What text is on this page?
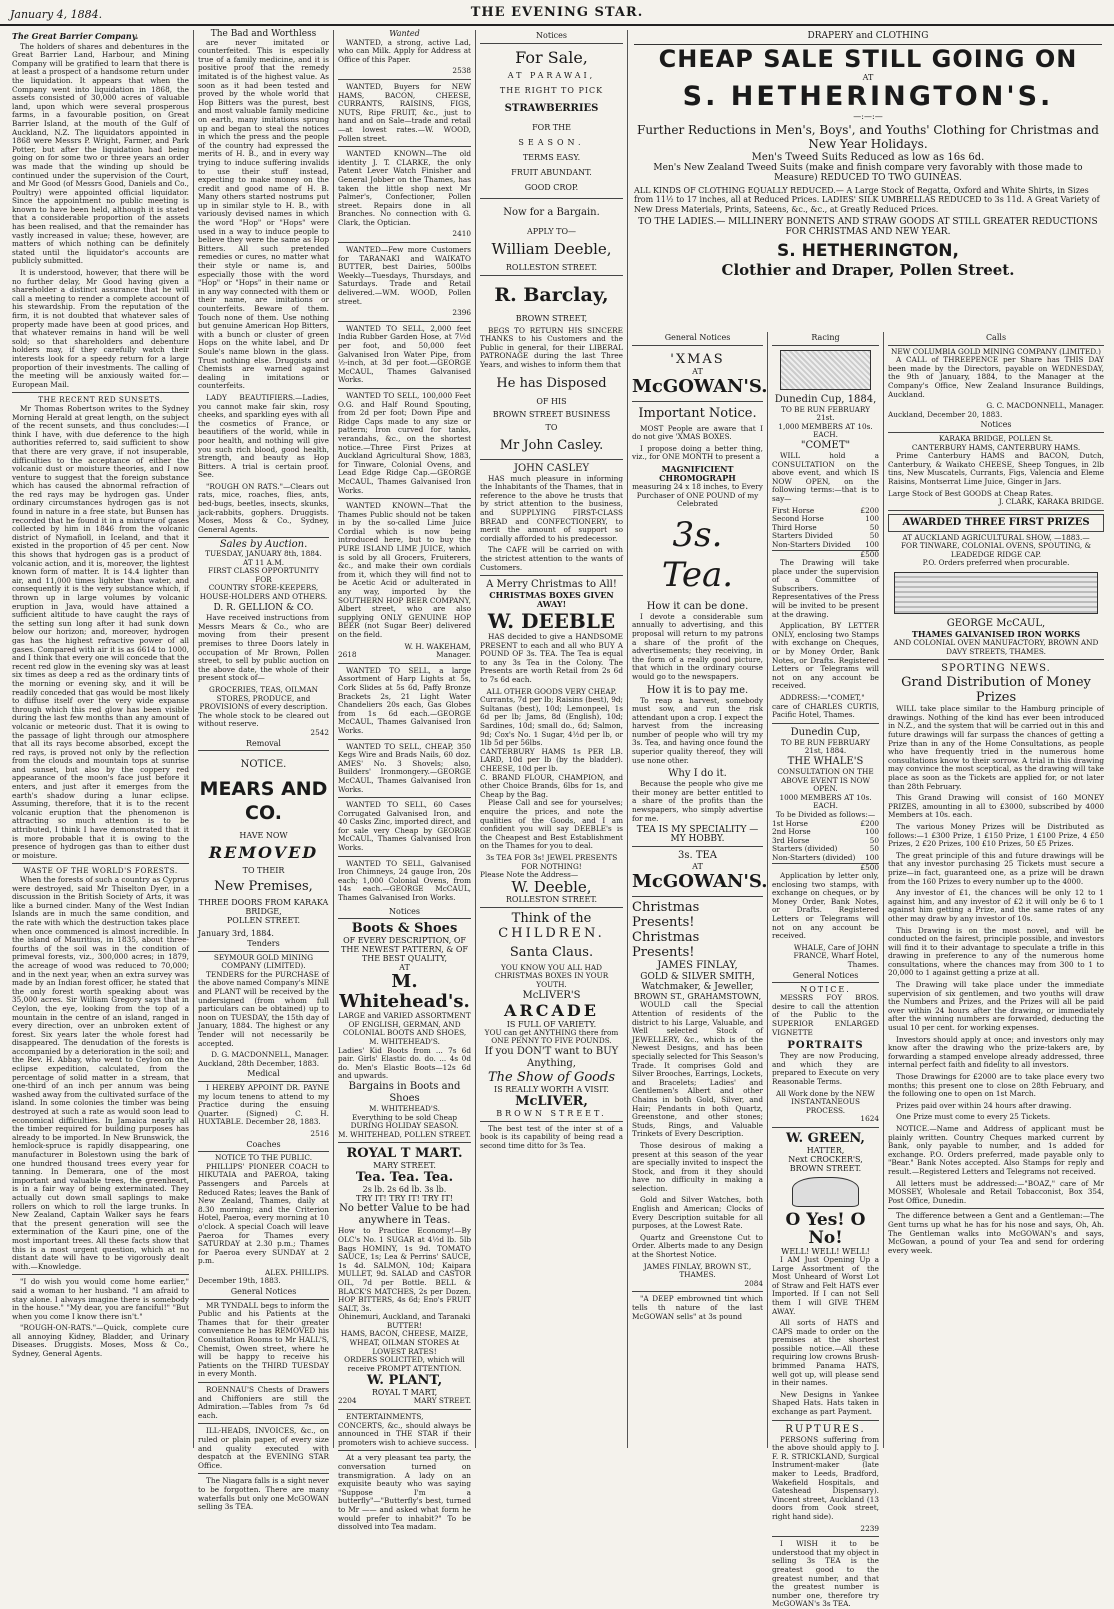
January 4, 1884.	THE EVENING STAR.
The Great Barrier Company.
The holders of shares and debentures in the Great Barrier Land, Harbour, and Mining Company will be gratified to learn that there is at least a prospect of a handsome return under the liquidation. It appears that when the Company went into liquidation in 1868, the assets consisted of 30,000 acres of valuable land, upon which were several prosperous farms, in a favourable position, on Great Barrier Island, at the mouth of the Gulf of Auckland, N.Z. The liquidators appointed in 1868 were Messrs P. Wright, Farmer, and Park Potter, but after the liquidation had being going on for some two or three years an order was made that the winding up should be continued under the supervision of the Court, and Mr Good (of Messrs Good, Daniels and Co., Poultry) were appointed official liquidator. Since the appointment no public meeting is known to have been held, although it is stated that a considerable proportion of the assets has been realised, and that the remainder has vastly increased in value; these, however, are matters of which nothing can be definitely stated until the liquidator's accounts are publicly submitted.
It is understood, however, that there will be no further delay, Mr Good having given a shareholder a distinct assurance that he will call a meeting to render a complete account of his stewardship. From the reputation of the firm, it is not doubted that whatever sales of property made have been at good prices, and that whatever remains in hand will be well sold; so that shareholders and debenture holders may, if they carefully watch their interests look for a speedy return for a large proportion of their investments. The calling of the meeting will be anxiously waited for.—European Mail.
THE RECENT RED SUNSETS.
Mr Thomas Robertson writes to the Sydney Morning Herald at great length, on the subject of the recent sunsets, and thus concludes:—I think I have, with due deference to the high authorities referred to, said sufficient to show that there are very grave, if not insuperable, difficulties to the acceptance of either the volcanic dust or moisture theories, and I now venture to suggest that the foreign substance which has caused the abnormal refraction of the red rays may be hydrogen gas. Under ordinary circumstances hydrogen gas is not found in nature in a free state, but Bunsen has recorded that he found it in a mixture of gases collected by him in 1846 from the volcanic district of Nymafioll, in Iceland, and that it existed in the proportion of 45 per cent. Now this shows that hydrogen gas is a product of volcanic action, and it is, moreover, the lightest known form of matter. It is 14.4 lighter than air, and 11,000 times lighter than water, and consequently it is the very substance which, if thrown up in large volumes by volcanic eruption in Java, would have attained a sufficient altitude to have caught the rays of the setting sun long after it had sunk down below our horizon; and, moreover, hydrogen gas has the highest refractive power of all gases. Compared with air it is as 6614 to 1000, and I think that every one will concede that the recent red glow in the evening sky was at least six times as deep a red as the ordinary tints of the morning or evening sky, and it will be readily conceded that gas would be most likely to diffuse itself over the very wide expanse through which this red glow has been visible during the last few months than any amount of volcanic or meteoric dust. That it is owing to the passage of light through our atmosphere that all its rays become absorbed, except the red rays, is proved not only by the reflection from the clouds and mountain tops at sunrise and sunset, but also by the coppery red appearance of the moon's face just before it enters, and just after it emerges from the earth's shadow during a lunar eclipse. Assuming, therefore, that it is to the recent volcanic eruption that the phenomenon is attracting so much attention is to be attributed, I think I have demonstrated that it is more probable that it is owing to the presence of hydrogen gas than to either dust or moisture.
WASTE OF THE WORLD'S FORESTS.
When the forests of such a country as Cyprus were destroyed, said Mr Thiselton Dyer, in a discussion in the British Society of Arts, it was like a burned cinder. Many of the West Indian Islands are in much the same condition, and the rate with which the destruction takes place when once commenced is almost incredible. In the island of Mauritius, in 1835, about three-fourths of the soil was in the condition of primeval forests, viz., 300,000 acres; in 1879, the acreage of wood was reduced to 70,000; and in the next year, when an extra survey was made by an Indian forest officer, he stated that the only forest worth speaking about was 35,000 acres. Sir William Gregory says that in Ceylon, the eye, looking from the top of a mountain in the centre of an island, ranged in every direction, over an unbroken extent of forest. Six years later the whole forest had disappeared. The denudation of the forests is accompanied by a deterioration in the soil; and the Rev. H. Abbay, who went to Ceylon on the eclipse expedition, calculated, from the percentage of solid matter in a stream, that one-third of an inch per annum was being washed away from the cultivated surface of the island. In some colonies the timber was being destroyed at such a rate as would soon lead to economical difficulties. In Jamaica nearly all the timber required for building purposes has already to be imported. In New Brunswick, the hemlock-spruce is rapidly disappearing, one manufacturer in Bolestown using the bark of one hundred thousand trees every year for tanning. In Demerara, one of the most important and valuable trees, the greenheart, is in a fair way of being exterminated. They actually cut down small saplings to make rollers on which to roll the large trunks. In New Zealand, Captain Walker says he fears that the present generation will see the extermination of the Kauri pine, one of the most important trees. All these facts show that this is a most urgent question, which at no distant date will have to be vigorously dealt with.—Knowledge.
"I do wish you would come home earlier," said a woman to her husband. "I am afraid to stay alone. I always imagine there is somebody in the house." "My dear, you are fanciful!" "But when you come I know there isn't."
"ROUGH-ON-RATS."—Quick, complete cure all annoying Kidney, Bladder, and Urinary Diseases. Druggists. Moses, Moss & Co., Sydney, General Agents.
The Bad and Worthless
are never imitated or counterfeited. This is especially true of a family medicine, and it is positive proof that the remedy imitated is of the highest value. As soon as it had been tested and proved by the whole world that Hop Bitters was the purest, best and most valuable family medicine on earth, many imitations sprung up and began to steal the notices in which the press and the people of the country had expressed the merits of H. B., and in every way trying to induce suffering invalids to use their stuff instead, expecting to make money on the credit and good name of H. B. Many others started nostrums put up in similar style to H. B., with variously devised names in which the word "Hop" or "Hops" were used in a way to induce people to believe they were the same as Hop Bitters. All such pretended remedies or cures, no matter what their style or name is, and especially those with the word "Hop" or "Hops" in their name or in any way connected with them or their name, are imitations or counterfeits. Beware of them. Touch none of them. Use nothing but genuine American Hop Bitters, with a bunch or cluster of green Hops on the white label, and Dr Soule's name blown in the glass. Trust nothing else. Druggists and Chemists are warned against dealing in imitations or counterfeits.
LADY BEAUTIFIERS.—Ladies, you cannot make fair skin, rosy cheeks, and sparkling eyes with all the cosmetics of France, or beautifiers of the world, while in poor health, and nothing will give you such rich blood, good health, strength, and beauty as Hop Bitters. A trial is certain proof. See.
"ROUGH ON RATS."—Clears out rats, mice, roaches, flies, ants, bed-bugs, beetles, insects, skunks, jack-rabbits, gophers. Druggists. Moses, Moss & Co., Sydney, General Agents.
Sales by Auction.
TUESDAY, JANUARY 8th, 1884.
AT 11 A.M.
FIRST CLASS OPPORTUNITY
FOR
COUNTRY STORE-KEEPERS, HOUSE-HOLDERS AND OTHERS.
D. R. GELLION & CO.
Have received instructions from Messrs Mears & Co., who are moving from their present premises to three Doors lately in occupation of Mr Brown, Pollen street, to sell by public auction on the above date, the whole of their present stock of—
GROCERIES, TEAS, OILMAN STORES, PRODUCE, and PROVISIONS of every description.
The whole stock to be cleared out without reserve.
2542
Removal
NOTICE.
MEARS AND CO.
HAVE NOW
REMOVED
TO THEIR
New Premises,
THREE DOORS FROM KARAKA
BRIDGE,
POLLEN STREET.
January 3rd, 1884.
Tenders
SEYMOUR GOLD MINING COMPANY (LIMITED).
TENDERS for the PURCHASE of the above named Company's MINE and PLANT will be received by the undersigned (from whom full particulars can be obtained) up to noon on TUESDAY, the 15th day of January, 1884. The highest or any Tender will not necessarily be accepted.
D. G. MACDONNELL, Manager.
Auckland, 28th December, 1883.
Medical
I HEREBY APPOINT DR. PAYNE my locum tenens to attend to my Practice during the ensuing Quarter. (Signed) C. H. HUXTABLE. December 28, 1883.
2516
Coaches
NOTICE TO THE PUBLIC.
PHILLIPS' PIONEER COACH to HIKUTAIA and PAEROA, taking Passengers and Parcels at Reduced Rates; leaves the Bank of New Zealand, Thames, daily at 8.30 morning; and the Criterion Hotel, Paeroa, every morning at 10 o'clock. A special Coach will leave Paeroa for Thames every SATURDAY at 2.30 p.m.; Thames for Paeroa every SUNDAY at 2 p.m.
ALEX. PHILLIPS.
December 19th, 1883.
General Notices
MR TYNDALL begs to inform the Public and his Patients at the Thames that for their greater convenience he has REMOVED his Consultation Rooms to Mr HALL'S, Chemist, Owen street, where he will be happy to receive his Patients on the THIRD TUESDAY in every Month.
ROENNAU'S Chests of Drawers and Chiffoniers are still the Admiration.—Tables from 7s 6d each.
ILL-HEADS, INVOICES, &c., on ruled or plain paper, of every size and quality executed with despatch at the EVENING STAR Office.
The Niagara falls is a sight never to be forgotten. There are many waterfalls but only one McGOWAN selling 3s TEA.
Wanted
WANTED, a strong, active Lad, who can Milk. Apply for Address at Office of this Paper.
2538
WANTED, Buyers for NEW HAMS, BACON, CHEESE, CURRANTS, RAISINS, FIGS, NUTS, Ripe FRUIT, &c., just to hand and on Sale—trade and retail—at lowest rates.—W. WOOD, Pollen street.
WANTED KNOWN—The old identity J. T. CLARKE, the only Patent Lever Watch Finisher and General Jobber on the Thames, has taken the little shop next Mr Palmer's, Confectioner, Pollen street. Repairs done in all Branches. No connection with G. Clark, the Optician.
2410
WANTED—Few more Customers for TARANAKI and WAIKATO BUTTER, best Dairies, 500lbs Weekly—Tuesdays, Thursdays, and Saturdays. Trade and Retail delivered.—WM. WOOD, Pollen street.
2396
WANTED TO SELL, 2,000 feet India Rubber Garden Hose, at 7½d per foot, and 50,000 feet Galvanised Iron Water Pipe, from ½-inch, at 3d per foot.—GEORGE McCAUL, Thames Galvanised Works.
WANTED TO SELL, 100,000 Feet O.G. and Half Round Spouting, from 2d per foot; Down Pipe and Ridge Caps made to any size or pattern; Iron curved for tanks, verandahs, &c., on the shortest notice.—Three First Prizes at Auckland Agricultural Show, 1883, for Tinware, Colonial Ovens, and Lead Edge Ridge Cap.—GEORGE McCAUL, Thames Galvanised Iron Works.
WANTED KNOWN—That the Thames Public should not be taken in by the so-called Lime Juice Cordial which is now being introduced here, but to buy the PURE ISLAND LIME JUICE, which is sold by all Grocers, Fruiterers, &c., and make their own cordials from it, which they will find not to be Acetic Acid or adulterated in any way, imported by the SOUTHERN HOP BEER COMPANY, Albert street, who are also supplying ONLY GENUINE HOP BEER (not Sugar Beer) delivered on the field.
W. H. WAKEHAM,
2618	Manager.
WANTED TO SELL, a large Assortment of Harp Lights at 5s, Cork Slides at 5s 6d, Paffy Bronze Brackets 2s, 21 Light Water Chandeliers 20s each, Gas Globes from 1s 6d each.—GEORGE McCAUL, Thames Galvanised Iron Works.
WANTED TO SELL, CHEAP, 350 Kegs Wire and Brads Nails, 60 doz. AMES' No. 3 Shovels; also, Builders' Ironmongery.—GEORGE McCAUL, Thames Galvanised Iron Works.
WANTED TO SELL, 60 Cases Corrugated Galvanised Iron, and 40 Casks Zinc, imported direct, and for sale very Cheap by GEORGE McCAUL, Thames Galvanised Iron Works.
WANTED TO SELL, Galvanised Iron Chimneys, 24 gauge Iron, 20s each; 1,000 Colonial Ovens, from 14s each.—GEORGE McCAUL, Thames Galvanised Iron Works.
Notices
Boots & Shoes
OF EVERY DESCRIPTION, OF THE NEWEST PATTERN, & OF THE BEST QUALITY,
AT
M. Whitehead's.
LARGE and VARIED ASSORTMENT OF ENGLISH, GERMAN, AND COLONIAL BOOTS AND SHOES,
M. WHITEHEAD'S.
Ladies' Kid Boots from ... 7s 6d pair. Girls' Elastic do. do. ... 4s 0d do. Men's Elastic Boots—12s 6d and upwards.
Bargains in Boots and Shoes
M. WHITEHEAD'S.
Everything to be sold Cheap DURING HOLIDAY SEASON.
M. WHITEHEAD, POLLEN STREET.
ROYAL T MART.
MARY STREET.
Tea. Tea. Tea.
2s lb. 2s 6d lb. 3s lb.
TRY IT! TRY IT! TRY IT!
No better Value to be had anywhere in Teas.
How to Practice Economy!—By OLC's No. 1 SUGAR at 4½d lb. 5lb Bags HOMINY, 1s 9d. TOMATO SAUCE, 1s; Lea & Perrins' SAUCE, 1s 4d. SALMON, 10d; Kaipara MULLET, 9d. SALAD and CASTOR OIL, 7d per Bottle. BELL & BLACK'S MATCHES, 2s per Dozen. HOP BITTERS, 4s 6d; Eno's FRUIT SALT, 3s.
Ohinemuri, Auckland, and Taranaki BUTTER!
HAMS, BACON, CHEESE, MAIZE, WHEAT, OILMAN STORES At LOWEST RATES!
ORDERS SOLICITED, which will receive PROMPT ATTENTION.
W. PLANT,
ROYAL T MART,
2204	MARY STREET.
ENTERTAINMENTS, CONCERTS, &c., should always be announced in THE STAR if their promoters wish to achieve success.
At a very pleasant tea party, the conversation turned on transmigration. A lady on an exquisite beauty who was saying "Suppose I'm a butterfly"—"Butterfly's best, turned to Mr —— and asked what form he would prefer to inhabit?" To be dissolved into Tea madam.
Notices
For Sale,
AT PARAWAI,
THE RIGHT TO PICK
STRAWBERRIES
FOR THE
SEASON.
TERMS EASY.
FRUIT ABUNDANT.
GOOD CROP.
Now for a Bargain.
APPLY TO—
William Deeble,
ROLLESTON STREET.
R. Barclay,
BROWN STREET,
BEGS TO RETURN HIS SINCERE THANKS to his Customers and the Public in general, for their LIBERAL PATRONAGE during the last Three Years, and wishes to inform them that
He has Disposed
OF HIS
BROWN STREET BUSINESS
TO
Mr John Casley.
JOHN CASLEY
HAS much pleasure in informing the Inhabitants of the Thames, that in reference to the above he trusts that by strict attention to the business, and SUPPLYING FIRST-CLASS BREAD and CONFECTIONERY, to merit the amount of support so cordially afforded to his predecessor.
The CAFE will be carried on with the strictest attention to the wants of Customers.
A Merry Christmas to All!
CHRISTMAS BOXES GIVEN AWAY!
W. DEEBLE
HAS decided to give a HANDSOME PRESENT to each and all who BUY A POUND OF 3s. TEA. The Tea is equal to any 3s Tea in the Colony. The Presents are worth Retail from 2s 6d to 7s 6d each.
ALL OTHER GOODS VERY CHEAP.
Currants, 7d per lb; Raisins (best), 9d; Sultanas (best), 10d; Lemonpeel, 1s 6d per lb; Jams, 8d (English), 10d; Sardines, 10d; small do., 6d; Salmon, 9d; Cox's No. 1 Sugar, 4½d per lb, or 1lb 5d per 56lbs.
CANTERBURY HAMS 1s PER LB. LARD, 10d per lb (by the bladder). CHEESE, 10d per lb.
C. BRAND FLOUR, CHAMPION, and other Choice Brands, 6lbs for 1s, and Cheap by the Bag.
Please Call and see for yourselves; enquire the prices, and note the qualities of the Goods, and I am confident you will say DEEBLE's is the Cheapest and Best Establishment on the Thames for you to deal.
3s TEA FOR 3s! JEWEL PRESENTS FOR NOTHING!
Please Note the Address—
W. Deeble,
ROLLESTON STREET.
Think of the
CHILDREN.
Santa Claus.
YOU KNOW YOU ALL HAD CHRISTMAS BOXES IN YOUR YOUTH.
McLIVER'S
ARCADE
IS FULL OF VARIETY.
YOU can get ANYTHING there from ONE PENNY TO FIVE POUNDS.
If you DON'T want to BUY Anything,
The Show of Goods
IS REALLY WORTH A VISIT.
McLIVER,
BROWN STREET.
The best test of the inter st of a book is its capability of being read a second time ditto for 3s Tea.
DRAPERY and CLOTHING
CHEAP SALE STILL GOING ON
AT
S. HETHERINGTON'S.
—:—:—
Further Reductions in Men's, Boys', and Youths' Clothing for Christmas and New Year Holidays.
Men's Tweed Suits Reduced as low as 16s 6d.
Men's New Zealand Tweed Suits (make and finish compare very favorably with those made to Measure) REDUCED TO TWO GUINEAS.
ALL KINDS OF CLOTHING EQUALLY REDUCED.— A Large Stock of Regatta, Oxford and White Shirts, in Sizes from 11½ to 17 inches, all at Reduced Prices. LADIES' SILK UMBRELLAS REDUCED to 3s 11d. A Great Variety of New Dress Materials, Prints, Sateens, &c., &c., at Greatly Reduced Prices.
TO THE LADIES.— MILLINERY BONNETS AND STRAW GOODS AT STILL GREATER REDUCTIONS FOR CHRISTMAS AND NEW YEAR.
S. HETHERINGTON,
Clothier and Draper, Pollen Street.
General Notices
'XMAS
AT
McGOWAN'S.
Important Notice.
MOST People are aware that I do not give 'XMAS BOXES.
I propose doing a better thing, viz., for ONE MONTH to present a
MAGNIFICIENT CHROMOGRAPH
measuring 24 x 18 inches, to Every Purchaser of ONE POUND of my Celebrated
3s. Tea.
How it can be done.
I devote a considerable sum annually to advertising, and this proposal will return to my patrons a share of the profit of the advertisements; they receiving, in the form of a really good picture, that which in the ordinary course would go to the newspapers.
How it is to pay me.
To reap a harvest, somebody must sow, and run the risk attendant upon a crop. I expect the harvest from the increasing number of people who will try my 3s. Tea, and having once found the superior quality thereof, they will use none other.
Why I do it.
Because the people who give me their money are better entitled to a share of the profits than the newspapers, who simply advertise for me.
TEA IS MY SPECIALITY —MY HOBBY.
3s. TEA
AT
McGOWAN'S.
Christmas Presents!
Christmas Presents!
JAMES FINLAY,
GOLD & SILVER SMITH, Watchmaker, & Jeweller,
BROWN ST., GRAHAMSTOWN,
WOULD call the Special Attention of residents of the district to his Large, Valuable, and Well selected Stock of JEWELLERY, &c., which is of the Newest Designs, and has been specially selected for This Season's Trade. It comprises Gold and Silver Brooches, Earrings, Lockets, and Bracelets; Ladies' and Gentlemen's Albert and other Chains in both Gold, Silver, and Hair; Pendants in both Quartz, Greenstone, and other stones; Studs, Rings, and Valuable Trinkets of Every Description.
Those desirous of making a present at this season of the year are specially invited to inspect the Stock, and from it they should have no difficulty in making a selection.
Gold and Silver Watches, both English and American; Clocks of Every Description suitable for all purposes, at the Lowest Rate.
Quartz and Greenstone Cut to Order. Alberts made to any Design at the Shortest Notice.
JAMES FINLAY, BROWN ST., THAMES.
2084
"A DEEP embrowned tint which tells th nature of the last McGOWAN sells" at 3s pound
Racing
Dunedin Cup, 1884,
TO BE RUN FEBRUARY 21st.
1,000 MEMBERS AT 10s. EACH.
"COMET"
WILL hold a CONSULTATION on the above event, and which IS NOW OPEN, on the following terms:—that is to say—
First Horse	£200
Second Horse	100
Third Horse	50
Starters Divided	50
Non-Starters Divided 100
£500
The Drawing will take place under the supervision of a Committee of Subscribers. Representatives of the Press will be invited to be present at the drawing.
Application, BY LETTER ONLY, enclosing two Stamps with exchange on Cheques, or by Money Order, Bank Notes, or Drafts. Registered Letters or Telegrams will not on any account be received.
ADDRESS:—"COMET," care of CHARLES CURTIS, Pacific Hotel, Thames.
Dunedin Cup,
TO BE RUN FEBRUARY 21st, 1884.
THE WHALE'S
CONSULTATION ON THE ABOVE EVENT IS NOW OPEN.
1000 MEMBERS AT 10s. EACH.
To be Divided as follows:—
1st Horse	£200
2nd Horse	100
3rd Horse	50
Starters (divided)	50
Non-Starters (divided) 100
£500
Application by letter only, enclosing two stamps, with exchange on cheques, or by Money Order, Bank Notes, or Drafts. Registered Letters or Telegrams will not on any account be received.
WHALE, Care of JOHN FRANCE, Wharf Hotel, Thames.
General Notices
NOTICE.
MESSRS FOY BROS. desire to call the attention of the Public to the SUPERIOR ENLARGED VIGNETTE
PORTRAITS
They are now Producing, and which they are prepared to Execute on very Reasonable Terms.
All Work done by the NEW INSTANTANEOUS PROCESS.
1624
W. GREEN,
HATTER,
Next CROCKER'S, BROWN STREET.
O Yes! O No!
WELL! WELL! WELL!
I AM Just Opening Up a Large Assortment of the Most Unheard of Worst Lot of Straw and Felt HATS ever Imported. If I can not Sell them I will GIVE THEM AWAY.
All sorts of HATS and CAPS made to order on the premises at the shortest possible notice.—All these requiring low crowns Brush-brimmed Panama HATS, well got up, will please send in their names.
New Designs in Yankee Shaped Hats. Hats taken in exchange as part Payment.
RUPTURES.
PERSONS suffering from the above should apply to J. F. R. STRICKLAND, Surgical Instrument-maker (late maker to Leeds, Bradford, Wakefield Hospitals, and Gateshead Dispensary). Vincent street, Auckland (13 doors from Cook street, right hand side).
2239
I WISH it to be understood that my object in selling 3s TEA is the greatest good to the greatest number, and that the greatest number is number one, therefore try McGOWAN's 3s TEA.
Calls
NEW COLUMBIA GOLD MINING COMPANY (LIMITED.)
A CALL of THREEPENCE per Share has THIS DAY been made by the Directors, payable on WEDNESDAY, the 9th of January, 1884, to the Manager at the Company's Office, New Zealand Insurance Buildings, Auckland.
G. C. MACDONNELL, Manager.
Auckland, December 20, 1883.
Notices
KARAKA BRIDGE, POLLEN St.
CANTERBURY HAMS, CANTERBURY HAMS.
Prime Canterbury HAMS and BACON, Dutch, Canterbury, & Waikato CHEESE, Sheep Tongues, in 2lb tins, New Muscatels, Currants, Figs, Valencia and Eleme Raisins, Montserrat Lime Juice, Ginger in Jars.
Large Stock of Best GOODS at Cheap Rates.
J. CLARK, KARAKA BRIDGE.
AWARDED THREE FIRST PRIZES
AT AUCKLAND AGRICULTURAL SHOW, —1883.—
FOR TINWARE, COLONIAL OVENS, SPOUTING, & LEADEDGE RIDGE CAP.
P.O. Orders preferred when procurable.
GEORGE McCAUL,
THAMES GALVANISED IRON WORKS
AND COLONIAL OVEN MANUFACTORY, BROWN AND DAVY STREETS, THAMES.
SPORTING NEWS.
Grand Distribution of Money Prizes
WILL take place similar to the Hamburg principle of drawings. Nothing of the kind has ever been introduced in N.Z., and the system that will be carried out in this and future drawings will far surpass the chances of getting a Prize than in any of the Home Consultations, as people who have frequently tried in the numerous home consultations know to their sorrow. A trial in this drawing may convince the most sceptical, as the drawing will take place as soon as the Tickets are applied for, or not later than 28th February.
This Grand Drawing will consist of 160 MONEY PRIZES, amounting in all to £3000, subscribed by 4000 Members at 10s. each.
The various Money Prizes will be Distributed as follows:—1 £300 Prize, 1 £150 Prize, 1 £100 Prize, 4 £50 Prizes, 2 £20 Prizes, 100 £10 Prizes, 50 £5 Prizes.
The great principle of this and future drawings will be that any investor purchasing 25 Tickets must secure a prize—in fact, guaranteed one, as a prize will be drawn from the 160 Prizes to every number up to the 4000.
Any investor of £1, the chances will be only 12 to 1 against him, and any investor of £2 it will only be 6 to 1 against him getting a Prize, and the same rates of any other may draw by any investor of 10s.
This Drawing is on the most novel, and will be conducted on the fairest, principle possible, and investors will find it to their advantage to speculate a trifle in this drawing in preference to any of the numerous home consultations, where the chances may from 300 to 1 to 20,000 to 1 against getting a prize at all.
The Drawing will take place under the immediate supervision of six gentlemen, and two youths will draw the Numbers and Prizes, and the Prizes will all be paid over within 24 hours after the drawing, or immediately after the winning numbers are forwarded, deducting the usual 10 per cent. for working expenses.
Investors should apply at once; and investors only may know after the drawing who the prize-takers are, by forwarding a stamped envelope already addressed, three internal perfect faith and fidelity to all investors.
Those Drawings for £2000 are to take place every two months; this present one to close on 28th February, and the following one to open on 1st March.
Prizes paid over within 24 hours after drawing.
One Prize must come to every 25 Tickets.
NOTICE.—Name and Address of applicant must be plainly written. Country Cheques marked current by Bank, only payable to number, and 1s added for exchange. P.O. Orders preferred, made payable only to "Bear." Bank Notes accepted. Also Stamps for reply and result.—Registered Letters and Telegrams not received.
All letters must be addressed:—"BOAZ," care of Mr MOSSEY, Wholesale and Retail Tobacconist, Box 354, Post Office, Dunedin.
The difference between a Gent and a Gentleman:—The Gent turns up what he has for his nose and says, Oh, Ah. The Gentleman walks into McGOWAN's and says, McGowan, a pound of your Tea and send for ordering every week.
